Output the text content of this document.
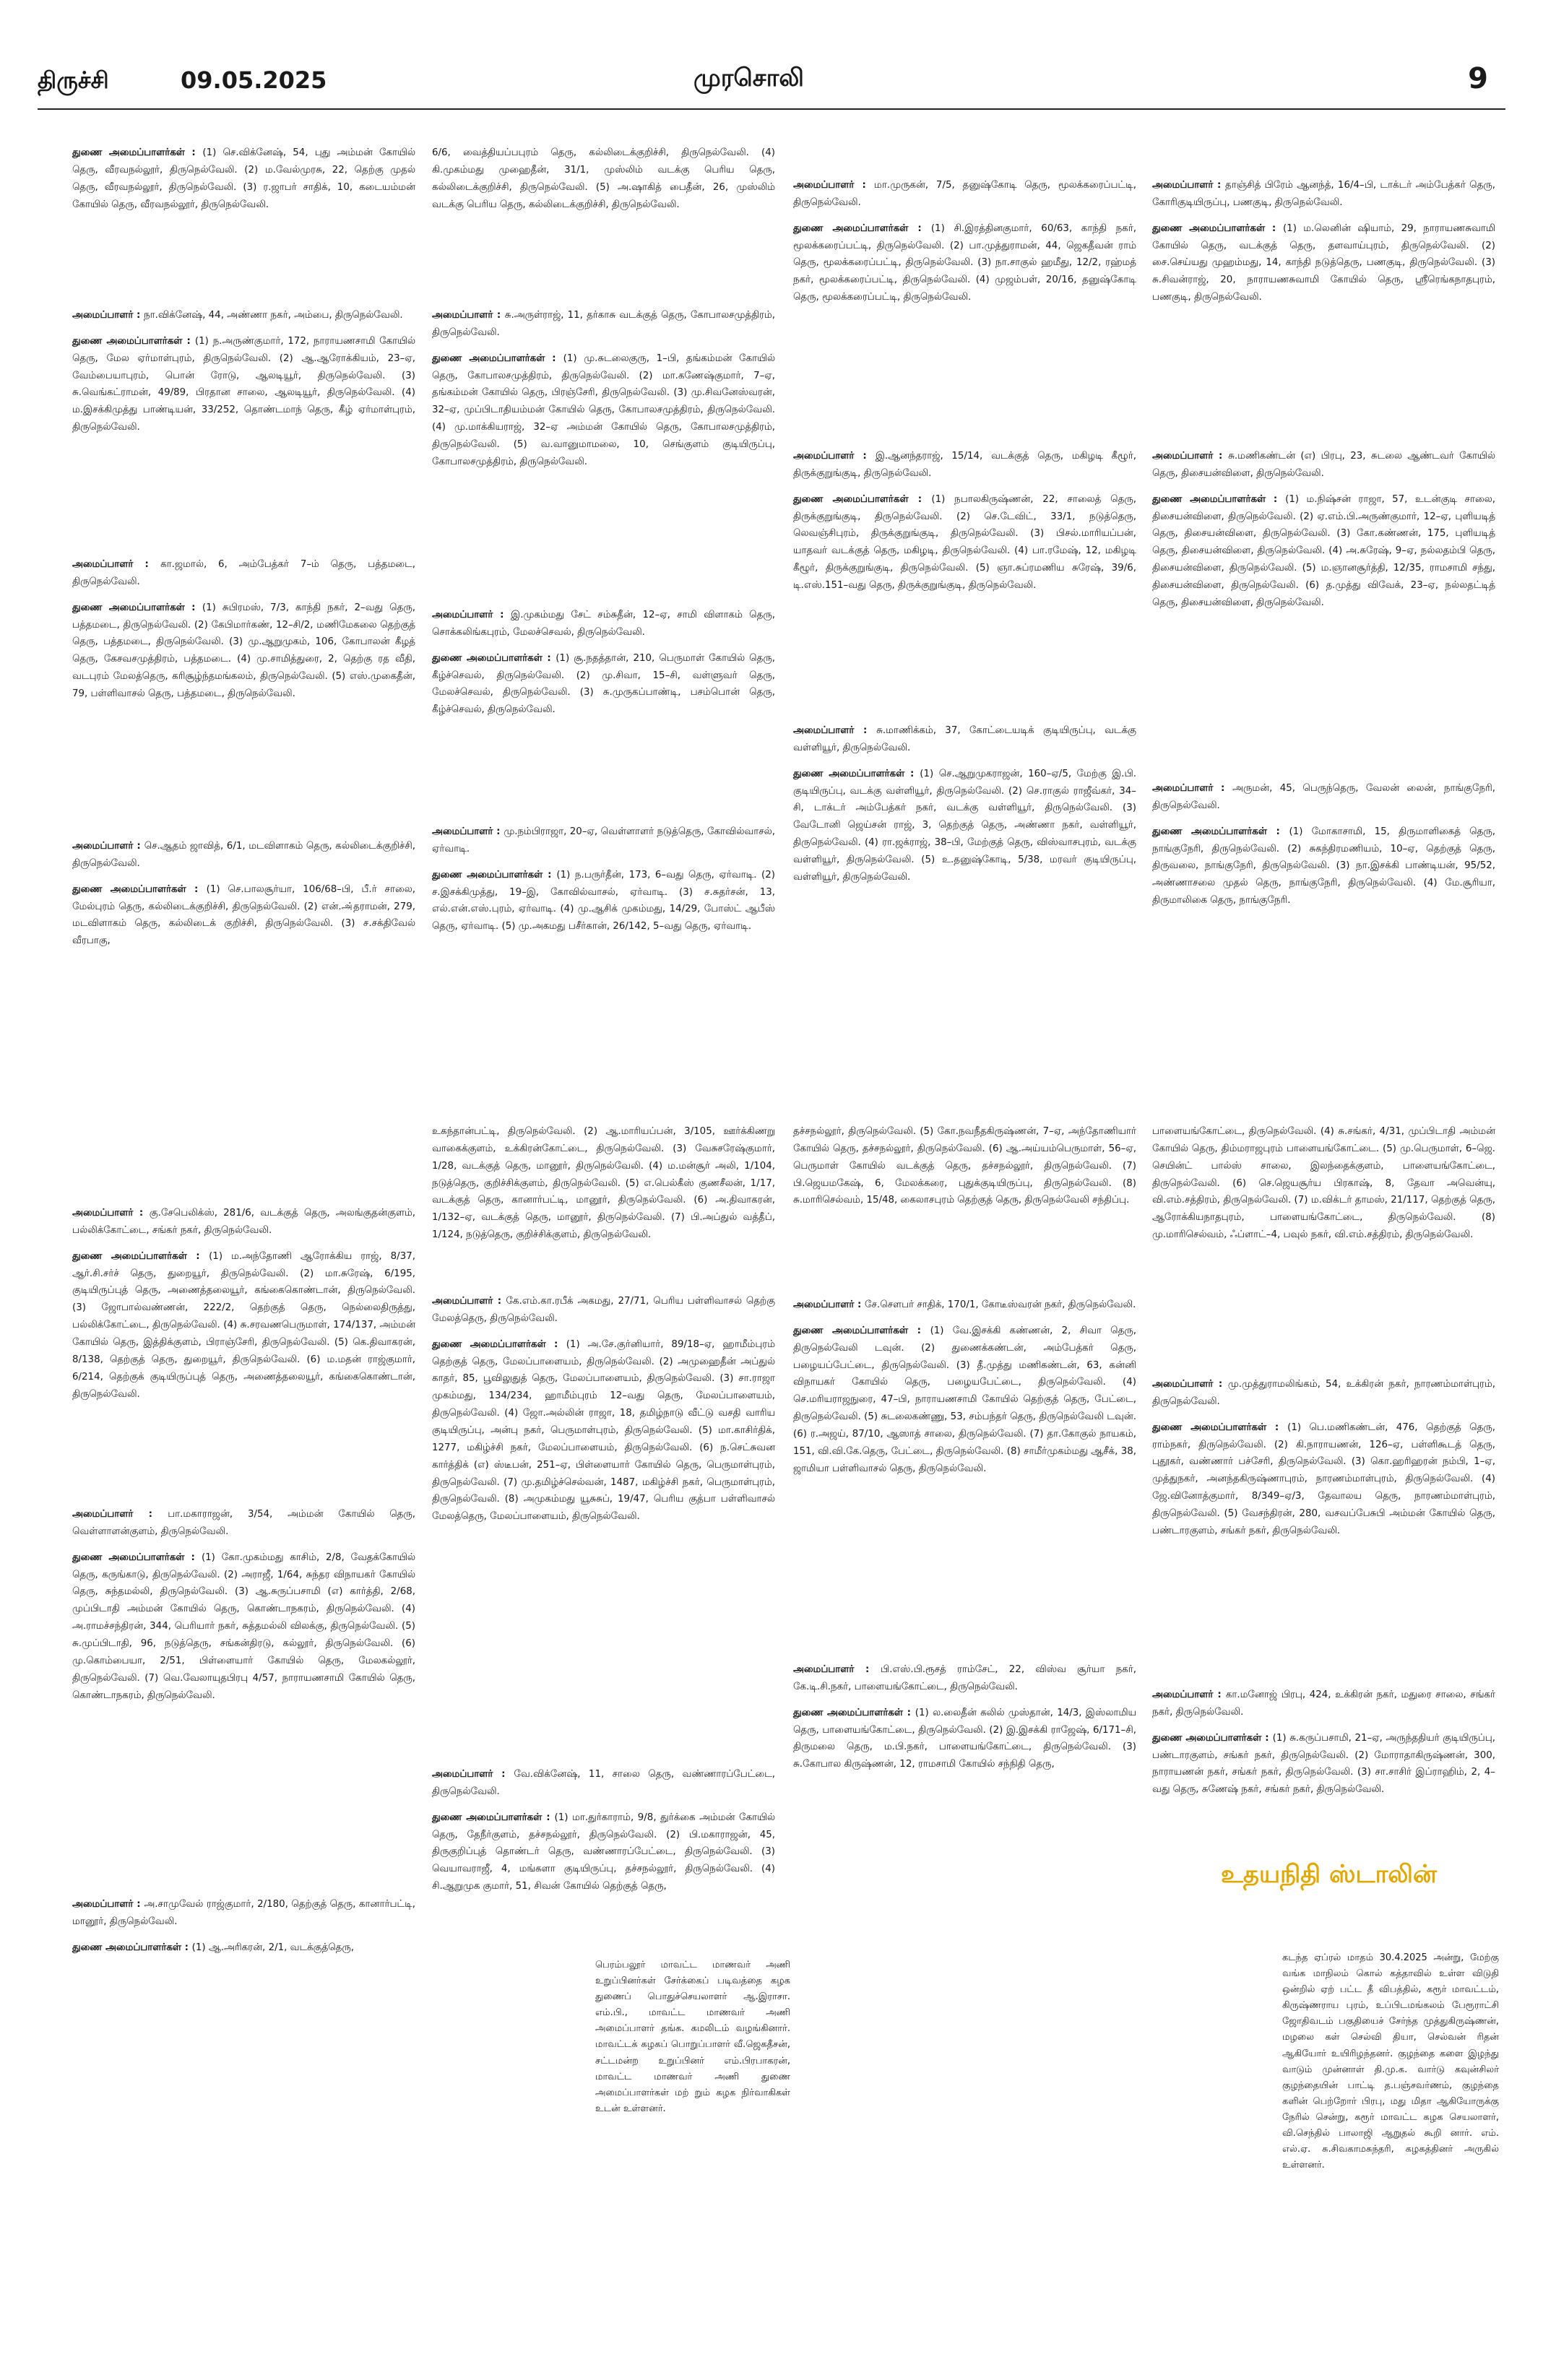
திருச்சி	09.05.2025	முரசொலி	9

துணை அமைப்பாளர்கள் : (1) செ.விக்னேஷ், 54, புது அம்மன் கோயில் தெரு, வீரவநல்லூர், திருநெல்வேலி. (2) ம.வேல்முரசு, 22, தெற்கு முதல் தெரு, வீரவநல்லூர், திருநெல்வேலி. (3) ர.ஜாபர் சாதிக், 10, கடையம்மன் கோயில் தெரு, வீரவநல்லூர், திருநெல்வேலி.

அமைப்பாளர் : நா.விக்னேஷ், 44, அண்ணா நகர், அம்பை, திருநெல்வேலி.

துணை அமைப்பாளர்கள் : (1) ந.அருண்குமார், 172, நாராயணசாமி கோயில் தெரு, மேல ஏர்மாள்புரம், திருநெல்வேலி. (2) ஆ.ஆரோக்கியம், 23–ஏ, வேம்பையாபுரம், பொன் ரோடு, ஆலடியூர், திருநெல்வேலி. (3) சு.வெங்கட்ராமன், 49/89, பிரதான சாலை, ஆலடியூர், திருநெல்வேலி. (4) ம.இசக்கிமுத்து பாண்டியன், 33/252, தொண்டமாந் தெரு, கீழ் ஏர்மாள்புரம், திருநெல்வேலி.

அமைப்பாளர் : கா.ஜமால், 6, அம்பேத்கர் 7–ம் தெரு, பத்தமடை, திருநெல்வேலி.

துணை அமைப்பாளர்கள் : (1) சுபிரமஸ், 7/3, காந்தி நகர், 2–வது தெரு, பத்தமடை, திருநெல்வேலி. (2) கேபிமார்கண், 12–சி/2, மணிமேகலை தெற்குத் தெரு, பத்தமடை, திருநெல்வேலி. (3) மு.ஆறுமுகம், 106, கோபாலன் கீழத் தெரு, கேசவசமுத்திரம், பத்தமடை. (4) மு.சாமித்துரை, 2, தெற்கு ரத வீதி, வடபுரம் மேலத்தெரு, கரிசூழ்ந்தமங்கலம், திருநெல்வேலி. (5) எஸ்.முகைதீன், 79, பள்ளிவாசல் தெரு, பத்தமடை, திருநெல்வேலி.

அமைப்பாளர் : செ.ஆதம் ஜாவித், 6/1, மடவிளாகம் தெரு, கல்லிடைக்குறிச்சி, திருநெல்வேலி.

துணை அமைப்பாளர்கள் : (1) செ.பாலசூர்யா, 106/68–பி, பீ.ர் சாலை, மேல்புரம் தெரு, கல்லிடைக்குறிச்சி, திருநெல்வேலி. (2) என்.அ்தராமன், 279, மடவிளாகம் தெரு, கல்லிடைக் குறிச்சி, திருநெல்வேலி. (3) ச.சக்திவேல் வீரபாகு,

6/6, வைத்தியப்பபுரம் தெரு, கல்லிடைக்குறிச்சி, திருநெல்வேலி. (4) கி.முகம்மது முஹைதீன், 31/1, முஸ்லிம் வடக்கு பெரிய தெரு, கல்லிடைக்குறிச்சி, திருநெல்வேலி. (5) அ.ஷாகித் பைதீன், 26, முஸ்லிம் வடக்கு பெரிய தெரு, கல்லிடைக்குறிச்சி, திருநெல்வேலி.

அமைப்பாளர் : சு.அருள்ராஜ், 11, தர்காசு வடக்குத் தெரு, கோபாலசமுத்திரம், திருநெல்வேலி.

துணை அமைப்பாளர்கள் : (1) மு.சுடலைகுரு, 1–பி, தங்கம்மன் கோயில் தெரு, கோபாலசமுத்திரம், திருநெல்வேலி. (2) மா.கணேஷ்குமார், 7–ஏ, தங்கம்மன் கோயில் தெரு, பிரஞ்சேரி, திருநெல்வேலி. (3) மு.சிவனேஸ்வரன், 32–ஏ, முப்பிடாதியம்மன் கோயில் தெரு, கோபாலசமுத்திரம், திருநெல்வேலி. (4) மு.மாக்கியராஜ், 32–ஏ அம்மன் கோயில் தெரு, கோபாலசமுத்திரம், திருநெல்வேலி. (5) வ.வானுமாமலை, 10, செங்குளம் குடியிருப்பு, கோபாலசமுத்திரம், திருநெல்வேலி.

அமைப்பாளர் : இ.முகம்மது சேட் சம்சுதீன், 12–ஏ, சாமி விளாகம் தெரு, சொக்கலிங்கபுரம், மேலச்செவல், திருநெல்வேலி.

துணை அமைப்பாளர்கள் : (1) சூ.நதத்தான், 210, பெருமாள் கோயில் தெரு, கீழ்ச்செவல், திருநெல்வேலி. (2) மு.சிவா, 15–சி, வள்ளுவர் தெரு, மேலச்செவல், திருநெல்வேலி. (3) சு.முருகப்பாண்டி, பசம்பொன் தெரு, கீழ்ச்செவல், திருநெல்வேலி.

அமைப்பாளர் : மு.நம்பிராஜா, 20–ஏ, வெள்ளாளர் நடுத்தெரு, கோவில்வாசல், ஏர்வாடி.

துணை அமைப்பாளர்கள் : (1) ந.பருர்தீன், 173, 6–வது தெரு, ஏர்வாடி. (2) ச.இசக்கிமுத்து, 19–இ, கோவில்வாசல், ஏர்வாடி. (3) ச.சுதர்சன், 13, எல்.என்.எஸ்.புரம், ஏர்வாடி. (4) மு.ஆசிக் முகம்மது, 14/29, போஸ்ட் ஆபீஸ் தெரு, ஏர்வாடி. (5) மு.அகமது பசீர்கான், 26/142, 5–வது தெரு, ஏர்வாடி.

அமைப்பாளர் : மா.முருகன், 7/5, தனுஷ்கோடி தெரு, மூலக்கரைப்பட்டி, திருநெல்வேலி.

துணை அமைப்பாளர்கள் : (1) சி.இரத்தினகுமார், 60/63, காந்தி நகர், மூலக்கரைப்பட்டி, திருநெல்வேலி. (2) பா.முத்துராமன், 44, ஜெகதீவன் ராம் தெரு, மூலக்கரைப்பட்டி, திருநெல்வேலி. (3) நா.சாகுல் ஹமீது, 12/2, ரஹ்மத் நகர், மூலக்கரைப்பட்டி, திருநெல்வேலி. (4) முஜம்பள், 20/16, தனுஷ்கோடி தெரு, மூலக்கரைப்பட்டி, திருநெல்வேலி.

அமைப்பாளர் : இ.ஆனந்தராஜ், 15/14, வடக்குத் தெரு, மகிழடி கீழூர், திருக்குறுங்குடி, திருநெல்வேலி.

துணை அமைப்பாளர்கள் : (1) நபாலகிருஷ்ணன், 22, சாலைத் தெரு, திருக்குறுங்குடி, திருநெல்வேலி. (2) செ.டேவிட், 33/1, நடுத்தெரு, லெவஞ்சிபுரம், திருக்குறுங்குடி, திருநெல்வேலி. (3) பிசல்.மாரியப்பன், யாதவர் வடக்குத் தெரு, மகிழடி, திருநெல்வேலி. (4) பா.ரமேஷ், 12, மகிழடி கீழூர், திருக்குறுங்குடி, திருநெல்வேலி. (5) ஞா.சுப்ரமணிய சுரேஷ், 39/6, டி.எஸ்.151–வது தெரு, திருக்குறுங்குடி, திருநெல்வேலி.

அமைப்பாளர் : சு.மாணிக்கம், 37, கோட்டையடிக் குடியிருப்பு, வடக்கு வள்ளியூர், திருநெல்வேலி.

துணை அமைப்பாளர்கள் : (1) செ.ஆறுமுகராஜன், 160–ஏ/5, மேற்கு இ.பி. குடியிருப்பு, வடக்கு வள்ளியூர், திருநெல்வேலி. (2) செ.ராகுல் ராஜீவ்கர், 34–சி, டாக்டர் அம்பேத்கர் நகர், வடக்கு வள்ளியூர், திருநெல்வேலி. (3) வேடோனி ஜெய்சன் ராஜ், 3, தெற்குத் தெரு, அண்ணா நகர், வள்ளியூர், திருநெல்வேலி. (4) ரா.ஜக்ராஜ், 38–பி, மேற்குத் தெரு, விஸ்வாசபுரம், வடக்கு வள்ளியூர், திருநெல்வேலி. (5) உ.தனுஷ்கோடி, 5/38, மரவர் குடியிருப்பு, வள்ளியூர், திருநெல்வேலி.

அமைப்பாளர் : தாஞ்சித் பிரேம் ஆனந்த், 16/4–பி, டாக்டர் அம்பேத்கர் தெரு, கோரிகுடியிருப்பு, பணகுடி, திருநெல்வேலி.

துணை அமைப்பாளர்கள் : (1) ம.லெனின் ஷியாம், 29, நாராயணசுவாமி கோயில் தெரு, வடக்குத் தெரு, தளவாய்புரம், திருநெல்வேலி. (2) சை.செய்யது முஹம்மது, 14, காந்தி நடுத்தெரு, பணகுடி, திருநெல்வேலி. (3) சு.சிவன்ராஜ், 20, நாராயணசுவாமி கோயில் தெரு, ஸ்ரீரெங்கநாதபுரம், பணகுடி, திருநெல்வேலி.

அமைப்பாளர் : சு.மணிகண்டன் (எ) பிரபு, 23, சுடலை ஆண்டவர் கோயில் தெரு, திசையன்விளை, திருநெல்வேலி.

துணை அமைப்பாளர்கள் : (1) ம.நிஷ்சன் ராஜா, 57, உடன்குடி சாலை, திசையன்விளை, திருநெல்வேலி. (2) ஏ.எம்.பி.அருண்குமார், 12–ஏ, புளியடித் தெரு, திசையன்விளை, திருநெல்வேலி. (3) கோ.கண்ணன், 175, புளியடித் தெரு, திசையன்விளை, திருநெல்வேலி. (4) அ.சுரேஷ், 9–ஏ, நல்லதம்பி தெரு, திசையன்விளை, திருநெல்வேலி. (5) ம.ஞானசூர்த்தி, 12/35, ராமசாமி சந்து, திசையன்விளை, திருநெல்வேலி. (6) த.முத்து விவேக், 23–ஏ, நல்லதட்டித் தெரு, திசையன்விளை, திருநெல்வேலி.

அமைப்பாளர் : அருமன், 45, பெருந்தெரு, வேலன் லைன், நாங்குநேரி, திருநெல்வேலி.

துணை அமைப்பாளர்கள் : (1) மோகாசாமி, 15, திருமாளிகைத் தெரு, நாங்குநேரி, திருநெல்வேலி. (2) சுகந்திரமணியம், 10–ஏ, தெற்குத் தெரு, திருவலை, நாங்குநேரி, திருநெல்வேலி. (3) நா.இசக்கி பாண்டியன், 95/52, அண்ணாசலை முதல் தெரு, நாங்குநேரி, திருநெல்வேலி. (4) மே.சூரியா, திருமாலிகை தெரு, நாங்குநேரி.

அமைப்பாளர் : கு.சேபெலிக்ஸ், 281/6, வடக்குத் தெரு, அலங்குதன்குளம், பல்லிக்கோட்டை, சங்கர் நகர், திருநெல்வேலி.

துணை அமைப்பாளர்கள் : (1) ம.அந்தோணி ஆரோக்கிய ராஜ், 8/37, ஆர்.சி.சர்ச் தெரு, துறையூர், திருநெல்வேலி. (2) மா.சுரேஷ், 6/195, குடியிருப்புத் தெரு, அணைத்தலையூர், கங்கைகொண்டான், திருநெல்வேலி. (3) ஜோபால்வண்ணன், 222/2, தெற்குத் தெரு, நெல்லைதிருத்து, பல்லிக்கோட்டை, திருநெல்வேலி. (4) சு.சரவணபெருமாள், 174/137, அம்மன் கோயில் தெரு, இத்திக்குளம், பிராஞ்சேரி, திருநெல்வேலி. (5) கெ.திவாகரன், 8/138, தெற்குத் தெரு, துறையூர், திருநெல்வேலி. (6) ம.மதன் ராஜ்குமார், 6/214, தெற்குக் குடியிருப்புத் தெரு, அணைத்தலையூர், கங்கைகொண்டான், திருநெல்வேலி.

அமைப்பாளர் : பா.மகாராஜன், 3/54, அம்மன் கோயில் தெரு, வெள்ளாளன்குளம், திருநெல்வேலி.

துணை அமைப்பாளர்கள் : (1) கோ.முகம்மது காசிம், 2/8, வேதக்கோயில் தெரு, கருங்காடு, திருநெல்வேலி. (2) அராஜீ, 1/64, சுந்தர விநாயகர் கோயில் தெரு, சுந்தமல்லி, திருநெல்வேலி. (3) ஆ.சுருப்பசாமி (எ) கார்த்தி, 2/68, முப்பிடாதி அம்மன் கோயில் தெரு, கொண்டாநகரம், திருநெல்வேலி. (4) அ.ராமச்சந்திரன், 344, பெரியார் நகர், சுத்தமல்லி விலக்கு, திருநெல்வேலி. (5) சு.முப்பிடாதி, 96, நடுத்தெரு, சங்கன்திரடு, கல்லூர், திருநெல்வேலி. (6) மு.கொம்பையா, 2/51, பிள்ளையார் கோயில் தெரு, மேலகல்லூர், திருநெல்வேலி. (7) வெ.வேலாயுதபிரபு 4/57, நாராயணசாமி கோயில் தெரு, கொண்டாநகரம், திருநெல்வேலி.

அமைப்பாளர் : அ.சாமுவேல் ராஜ்குமார், 2/180, தெற்குத் தெரு, கானார்பட்டி, மானூர், திருநெல்வேலி.

துணை அமைப்பாளர்கள் : (1) ஆ.அரிகரன், 2/1, வடக்குத்தெரு,

உகந்தான்பட்டி, திருநெல்வேலி. (2) ஆ.மாரியப்பன், 3/105, ஊர்க்கிணறு வாகைக்குளம், உக்கிரன்கோட்டை, திருநெல்வேலி. (3) வேசுசரேஷ்குமார், 1/28, வடக்குத் தெரு, மானூர், திருநெல்வேலி. (4) ம.மன்சூர் அலி, 1/104, நடுத்தெரு, குறிச்சிக்குளம், திருநெல்வேலி. (5) எ.பெல்கீஸ் குணசீலன், 1/17, வடக்குத் தெரு, கானார்பட்டி, மானூர், திருநெல்வேலி. (6) அ.திவாகரன், 1/132–ஏ, வடக்குத் தெரு, மானூர், திருநெல்வேலி. (7) பி.அப்துல் வத்தீப், 1/124, நடுத்தெரு, குறிச்சிக்குளம், திருநெல்வேலி.

அமைப்பாளர் : கே.எம்.கா.ரபீக் அகமது, 27/71, பெரிய பள்ளிவாசல் தெற்கு மேலத்தெரு, திருநெல்வேலி.

துணை அமைப்பாளர்கள் : (1) அ.சே.குர்னியார், 89/18–ஏ, ஹாமீம்புரம் தெற்குத் தெரு, மேலப்பாளையம், திருநெல்வேலி. (2) அமுஹைதீன் அப்துல் காதர், 85, பூவிலுதுத் தெரு, மேலப்பாளையம், திருநெல்வேலி. (3) சா.ராஜா முகம்மது, 134/234, ஹாமீம்புரம் 12–வது தெரு, மேலப்பாளையம், திருநெல்வேலி. (4) ஜோ.அல்லின் ராஜா, 18, தமிழ்நாடு வீட்டு வசதி வாரிய குடியிருப்பு, அன்பு நகர், பெருமாள்புரம், திருநெல்வேலி. (5) மா.காசிர்திக், 1277, மகிழ்ச்சி நகர், மேலப்பாளையம், திருநெல்வேலி. (6) ந.செட்சுவன கார்த்திக் (எ) ஸ்டீபன், 251–ஏ, பிள்ளையார் கோயில் தெரு, பெருமாள்புரம், திருநெல்வேலி. (7) மு.தமிழ்ச்செல்வன், 1487, மகிழ்ச்சி நகர், பெருமாள்புரம், திருநெல்வேலி. (8) அமுகம்மது யூசுசுப், 19/47, பெரிய குத்பா பள்ளிவாசல் மேலத்தெரு, மேலப்பாளையம், திருநெல்வேலி.

அமைப்பாளர் : வே.விக்னேஷ், 11, சாலை தெரு, வண்ணாரப்பேட்டை, திருநெல்வேலி.

துணை அமைப்பாளர்கள் : (1) மா.துர்காராம், 9/8, துர்க்கை அம்மன் கோயில் தெரு, தேநீர்குளம், தச்சநல்லூர், திருநெல்வேலி. (2) பி.மகாராஜன், 45, திருகுறிப்புத் தொண்டர் தெரு, வண்ணாரப்பேட்டை, திருநெல்வேலி. (3) வெயாவராஜீ, 4, மங்களா குடியிருப்பு, தச்சநல்லூர், திருநெல்வேலி. (4) சி.ஆறுமுக குமார், 51, சிவன் கோயில் தெற்குத் தெரு,

தச்சநல்லூர், திருநெல்வேலி. (5) கோ.நவநீதகிருஷ்ணன், 7–ஏ, அந்தோணியார் கோயில் தெரு, தச்சநல்லூர், திருநெல்வேலி. (6) ஆ.அய்யம்பெருமாள், 56–ஏ, பெருமாள் கோயில் வடக்குத் தெரு, தச்சநல்லூர், திருநெல்வேலி. (7) பி.ஜெயமகேஷ், 6, மேலக்கரை, புதுக்குடியிருப்பு, திருநெல்வேலி. (8) சு.மாரிசெல்வம், 15/48, கைலாசபுரம் தெற்குத் தெரு, திருநெல்வேலி சந்திப்பு.

அமைப்பாளர் : சே.சௌபர் சாதிக், 170/1, கோடீஸ்வரன் நகர், திருநெல்வேலி.

துணை அமைப்பாளர்கள் : (1) வே.இசக்கி கண்ணன், 2, சிவா தெரு, திருநெல்வேலி டவுன். (2) துணைக்கண்டன், அம்பேத்கர் தெரு, பழையப்பேட்டை, திருநெல்வேலி. (3) தீ.முத்து மணிகண்டன், 63, கன்னி விநாயகர் கோயில் தெரு, பழையபேட்டை, திருநெல்வேலி. (4) செ.மரியராஜநுரை, 47–பி, நாராயணசாமி கோயில் தெற்குத் தெரு, பேட்டை, திருநெல்வேலி. (5) சுடலைகண்ணு, 53, சம்பந்தர் தெரு, திருநெல்வேலி டவுன். (6) ர.அஜய், 87/10, ஆஸாத் சாலை, திருநெல்வேலி. (7) தா.கோகுல் நாயகம், 151, வி.வி.கே.தெரு, பேட்டை, திருநெல்வேலி. (8) சாமீர்முகம்மது ஆசீக், 38, ஜாமியா பள்ளிவாசல் தெரு, திருநெல்வேலி.

அமைப்பாளர் : பி.எஸ்.பி.ரூசத் ராம்சேட், 22, விஸ்வ சூர்யா நகர், கே.டி.சி.நகர், பாளையங்கோட்டை, திருநெல்வேலி.

துணை அமைப்பாளர்கள் : (1) ல.லைதீன் கலில் முஸ்தான், 14/3, இஸ்லாமிய தெரு, பாளையங்கோட்டை, திருநெல்வேலி. (2) இ.இசக்கி ராஜேஷ், 6/171–சி, திருமலை தெரு, ம.பி.நகர், பாளையங்கோட்டை, திருநெல்வேலி. (3) சு.கோபால கிருஷ்ணன், 12, ராமசாமி கோயில் சந்நிதி தெரு,

பாளையங்கோட்டை, திருநெல்வேலி. (4) சு.சங்கர், 4/31, முப்பிடாதி அம்மன் கோயில் தெரு, திம்மராஜபுரம் பாளையங்கோட்டை. (5) மு.பெருமாள், 6–ஜெ. செயின்ட் பால்ஸ் சாலை, இலந்தைக்குளம், பாளையங்கோட்டை, திருநெல்வேலி. (6) செ.ஜெயசூர்ய பிரகாஷ், 8, தேவா அவென்யு, வி.எம்.சத்திரம், திருநெல்வேலி. (7) ம.விக்டர் தாமஸ், 21/117, தெற்குத் தெரு, ஆரோக்கியநாதபுரம், பாளையங்கோட்டை, திருநெல்வேலி. (8) மு.மாரிசெல்வம், ஃப்ளாட்–4, பவுல் நகர், வி.எம்.சத்திரம், திருநெல்வேலி.

அமைப்பாளர் : மு.முத்துராமலிங்கம், 54, உக்கிரன் நகர், நாரணம்மாள்புரம், திருநெல்வேலி.

துணை அமைப்பாளர்கள் : (1) பெ.மணிகண்டன், 476, தெற்குத் தெரு, ராம்நகர், திருநெல்வேலி. (2) கி.நாராயணன், 126–ஏ, பள்ளிகூடத் தெரு, புதூகர், வண்ணார் பச்சேரி, திருநெல்வேலி. (3) கொ.ஹரிஹரன் நம்பி, 1–ஏ, முத்துநகர், அனந்தகிருஷ்ணாபுரம், நாரணம்மாள்புரம், திருநெல்வேலி. (4) ஜே.வினோத்குமார், 8/349–ஏ/3, தேவாலய தெரு, நாரணம்மாள்புரம், திருநெல்வேலி. (5) வேசந்திரன், 280, வசவப்பேசுபி அம்மன் கோயில் தெரு, பண்டாரகுளம், சங்கர் நகர், திருநெல்வேலி.

அமைப்பாளர் : கா.மனோஜ் பிரபு, 424, உக்கிரன் நகர், மதுரை சாலை, சங்கர் நகர், திருநெல்வேலி.

துணை அமைப்பாளர்கள் : (1) சு.கருப்பசாமி, 21–ஏ, அருந்ததியர் குடியிருப்பு, பண்டாரகுளம், சங்கர் நகர், திருநெல்வேலி. (2) மோராதாகிருஷ்ணன், 300, நாராயணன் நகர், சங்கர் நகர், திருநெல்வேலி. (3) சா.சாசிர் இப்ராஹிம், 2, 4–வது தெரு, சுணேஷ் நகர், சங்கர் நகர், திருநெல்வேலி.

உதயநிதி ஸ்டாலின்
பெரம்பலூர் மாவட்ட மாணவர் அணி உறுப்பினர்கள் சேர்க்கைப் படிவத்தை கழக துணைப் பொதுச்செயலாளர் ஆ.இராசா. எம்.பி., மாவட்ட மாணவர் அணி அமைப்பாளர் தங்க. கமலிடம் வழங்கினார். மாவட்டக் கழகப் பொறுப்பாளர் வீ.ஜெகதீசன், சட்டமன்ற உறுப்பினர் எம்.பிரபாகரன், மாவட்ட மாணவர் அணி துணை அமைப்பாளர்கள் மற் றும் கழக நிர்வாகிகள் உடன் உள்ளனர்.
கடந்த ஏப்ரல் மாதம் 30.4.2025 அன்று, மேற்கு வங்க மாநிலம் கொல் கத்தாவில் உள்ள விடுதி ஒன்றில் ஏற் பட்ட தீ விபத்தில், கரூர் மாவட்டம், கிருஷ்ணராய புரம், உப்பிடமங்கலம் பேரூராட்சி ஜோதிவடம் பகுதியைச் சேர்ந்த முத்துகிருஷ்ணன், மழலை கள் செல்வி தியா, செல்வன் ரிதன் ஆகியோர் உயிரிழந்தனர். குழந்தை களை இழந்து வாடும் முன்னாள் தி.மு.க. வார்டு கவுன்சிலர் குழந்தையின் பாட்டி த.பஞ்சவர்ணம், குழந்தை களின் பெற்றோர் பிரபு, மது மிதா ஆகியோருக்கு நேரில் சென்று, கரூர் மாவட்ட கழக செயலாளர், வி.செந்தில் பாலாஜி ஆறுதல் கூறி னார். எம். எல்.ஏ. சு.சிவகாமசுந்தரி, கழகத்தினர் அருகில் உள்ளனர்.
